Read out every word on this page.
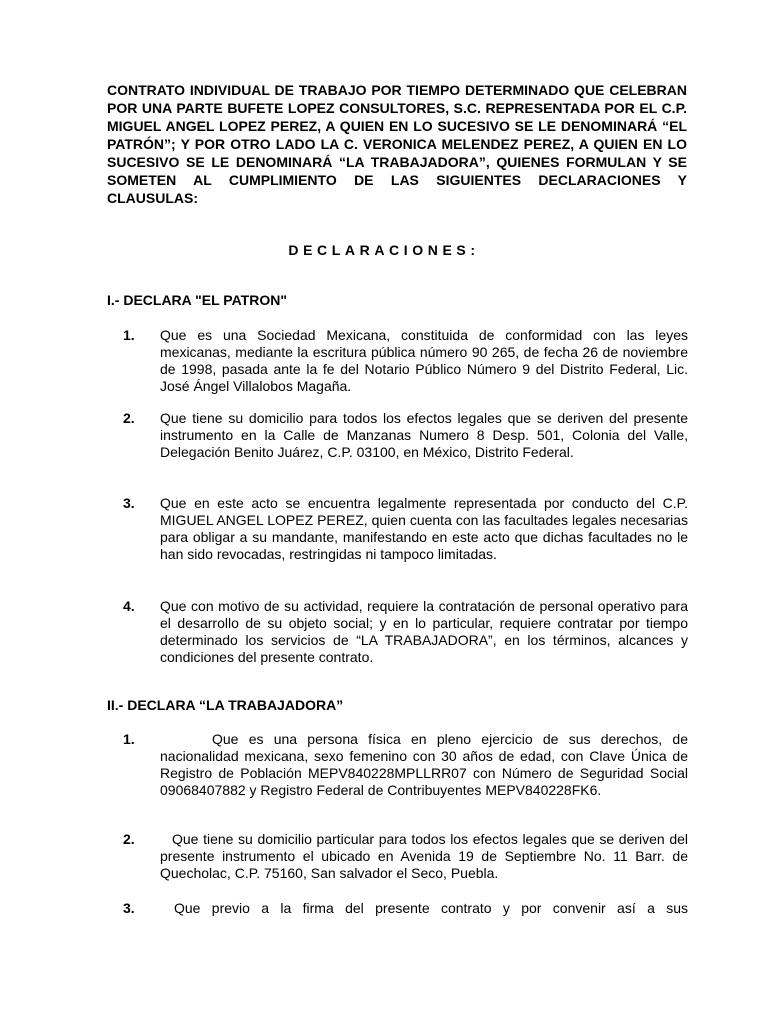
CONTRATO INDIVIDUAL DE TRABAJO POR TIEMPO DETERMINADO QUE CELEBRAN POR UNA PARTE BUFETE LOPEZ CONSULTORES, S.C. REPRESENTADA POR EL C.P. MIGUEL ANGEL LOPEZ PEREZ, A QUIEN EN LO SUCESIVO SE LE DENOMINARÁ “EL PATRÓN”; Y POR OTRO LADO LA C. VERONICA MELENDEZ PEREZ, A QUIEN EN LO SUCESIVO SE LE DENOMINARÁ “LA TRABAJADORA”, QUIENES FORMULAN Y SE SOMETEN AL CUMPLIMIENTO DE LAS SIGUIENTES DECLARACIONES Y CLAUSULAS:

DECLARACIONES:

I.- DECLARA "EL PATRON"

1. Que es una Sociedad Mexicana, constituida de conformidad con las leyes mexicanas, mediante la escritura pública número 90 265, de fecha 26 de noviembre de 1998, pasada ante la fe del Notario Público Número 9 del Distrito Federal, Lic. José Ángel Villalobos Magaña.

2. Que tiene su domicilio para todos los efectos legales que se deriven del presente instrumento en la Calle de Manzanas Numero 8 Desp. 501, Colonia del Valle, Delegación Benito Juárez, C.P. 03100, en México, Distrito Federal.

3. Que en este acto se encuentra legalmente representada por conducto del C.P. MIGUEL ANGEL LOPEZ PEREZ, quien cuenta con las facultades legales necesarias para obligar a su mandante, manifestando en este acto que dichas facultades no le han sido revocadas, restringidas ni tampoco limitadas.

4. Que con motivo de su actividad, requiere la contratación de personal operativo para el desarrollo de su objeto social; y en lo particular, requiere contratar por tiempo determinado los servicios de “LA TRABAJADORA”, en los términos, alcances y condiciones del presente contrato.

II.- DECLARA “LA TRABAJADORA”

1.	Que es una persona física en pleno ejercicio de sus derechos, de nacionalidad mexicana, sexo femenino con 30 años de edad, con Clave Única de Registro de Población MEPV840228MPLLRR07 con Número de Seguridad Social 09068407882 y Registro Federal de Contribuyentes MEPV840228FK6.

2.	Que tiene su domicilio particular para todos los efectos legales que se deriven del presente instrumento el ubicado en Avenida 19 de Septiembre No. 11 Barr. de Quecholac, C.P. 75160, San salvador el Seco, Puebla.

3.	Que previo a la firma del presente contrato y por convenir así a sus
